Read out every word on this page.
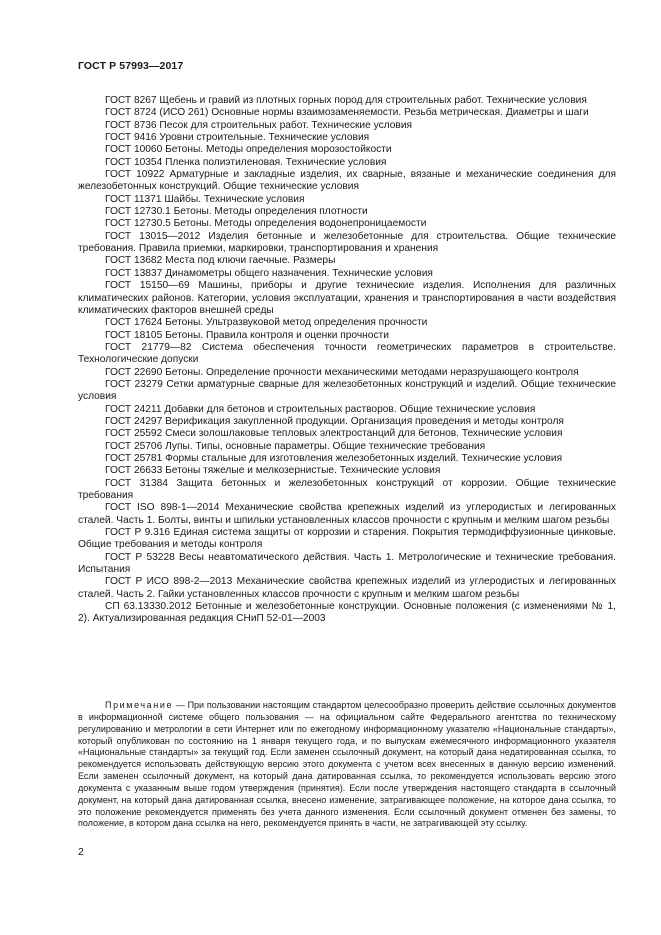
ГОСТ Р 57993—2017
ГОСТ 8267 Щебень и гравий из плотных горных пород для строительных работ. Технические условия
ГОСТ 8724 (ИСО 261) Основные нормы взаимозаменяемости. Резьба метрическая. Диаметры и шаги
ГОСТ 8736 Песок для строительных работ. Технические условия
ГОСТ 9416 Уровни строительные. Технические условия
ГОСТ 10060 Бетоны. Методы определения морозостойкости
ГОСТ 10354 Пленка полиэтиленовая. Технические условия
ГОСТ 10922 Арматурные и закладные изделия, их сварные, вязаные и механические соединения для железобетонных конструкций. Общие технические условия
ГОСТ 11371 Шайбы. Технические условия
ГОСТ 12730.1 Бетоны. Методы определения плотности
ГОСТ 12730.5 Бетоны. Методы определения водонепроницаемости
ГОСТ 13015—2012 Изделия бетонные и железобетонные для строительства. Общие технические требования. Правила приемки, маркировки, транспортирования и хранения
ГОСТ 13682 Места под ключи гаечные. Размеры
ГОСТ 13837 Динамометры общего назначения. Технические условия
ГОСТ 15150—69 Машины, приборы и другие технические изделия. Исполнения для различных климатических районов. Категории, условия эксплуатации, хранения и транспортирования в части воздействия климатических факторов внешней среды
ГОСТ 17624 Бетоны. Ультразвуковой метод определения прочности
ГОСТ 18105 Бетоны. Правила контроля и оценки прочности
ГОСТ 21779—82 Система обеспечения точности геометрических параметров в строительстве. Технологические допуски
ГОСТ 22690 Бетоны. Определение прочности механическими методами неразрушающего контроля
ГОСТ 23279 Сетки арматурные сварные для железобетонных конструкций и изделий. Общие технические условия
ГОСТ 24211 Добавки для бетонов и строительных растворов. Общие технические условия
ГОСТ 24297 Верификация закупленной продукции. Организация проведения и методы контроля
ГОСТ 25592 Смеси золошлаковые тепловых электростанций для бетонов. Технические условия
ГОСТ 25706 Лупы. Типы, основные параметры. Общие технические требования
ГОСТ 25781 Формы стальные для изготовления железобетонных изделий. Технические условия
ГОСТ 26633 Бетоны тяжелые и мелкозернистые. Технические условия
ГОСТ 31384 Защита бетонных и железобетонных конструкций от коррозии. Общие технические требования
ГОСТ ISO 898-1—2014 Механические свойства крепежных изделий из углеродистых и легированных сталей. Часть 1. Болты, винты и шпильки установленных классов прочности с крупным и мелким шагом резьбы
ГОСТ Р 9.316 Единая система защиты от коррозии и старения. Покрытия термодиффузионные цинковые. Общие требования и методы контроля
ГОСТ Р 53228 Весы неавтоматического действия. Часть 1. Метрологические и технические требования. Испытания
ГОСТ Р ИСО 898-2—2013 Механические свойства крепежных изделий из углеродистых и легированных сталей. Часть 2. Гайки установленных классов прочности с крупным и мелким шагом резьбы
СП 63.13330.2012 Бетонные и железобетонные конструкции. Основные положения (с изменениями № 1, 2). Актуализированная редакция СНиП 52-01—2003

Примечание — При пользовании настоящим стандартом целесообразно проверить действие ссылочных документов в информационной системе общего пользования — на официальном сайте Федерального агентства по техническому регулированию и метрологии в сети Интернет или по ежегодному информационному указателю «Национальные стандарты», который опубликован по состоянию на 1 января текущего года, и по выпускам ежемесячного информационного указателя «Национальные стандарты» за текущий год. Если заменен ссылочный документ, на который дана недатированная ссылка, то рекомендуется использовать действующую версию этого документа с учетом всех внесенных в данную версию изменений. Если заменен ссылочный документ, на который дана датированная ссылка, то рекомендуется использовать версию этого документа с указанным выше годом утверждения (принятия). Если после утверждения настоящего стандарта в ссылочный документ, на который дана датированная ссылка, внесено изменение, затрагивающее положение, на которое дана ссылка, то это положение рекомендуется применять без учета данного изменения. Если ссылочный документ отменен без замены, то положение, в котором дана ссылка на него, рекомендуется принять в части, не затрагивающей эту ссылку.

2
